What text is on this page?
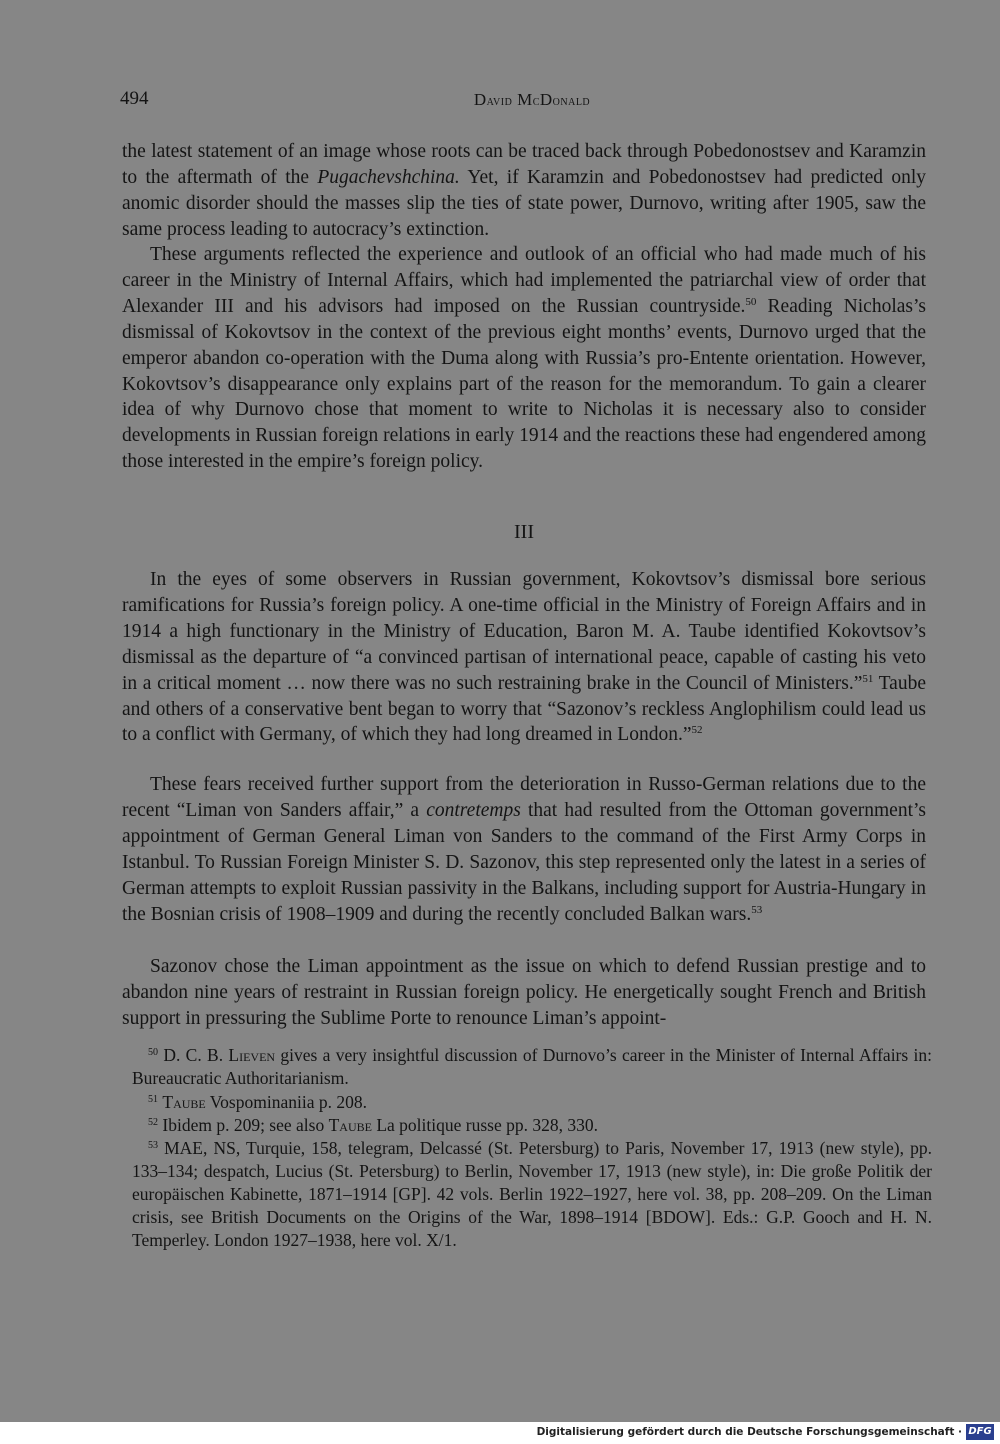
494	David McDonald

the latest statement of an image whose roots can be traced back through Pobedonostsev and Karamzin to the aftermath of the Pugachevshchina. Yet, if Karamzin and Pobedonostsev had predicted only anomic disorder should the masses slip the ties of state power, Durnovo, writing after 1905, saw the same process leading to autocracy’s extinction.

These arguments reflected the experience and outlook of an official who had made much of his career in the Ministry of Internal Affairs, which had implemented the patriarchal view of order that Alexander III and his advisors had imposed on the Russian countryside.$^{50}$ Reading Nicholas’s dismissal of Kokovtsov in the context of the previous eight months’ events, Durnovo urged that the emperor abandon co-operation with the Duma along with Russia’s pro-Entente orientation. However, Kokovtsov’s disappearance only explains part of the reason for the memorandum. To gain a clearer idea of why Durnovo chose that moment to write to Nicholas it is necessary also to consider developments in Russian foreign relations in early 1914 and the reactions these had engendered among those interested in the empire’s foreign policy.

III

In the eyes of some observers in Russian government, Kokovtsov’s dismissal bore serious ramifications for Russia’s foreign policy. A one-time official in the Ministry of Foreign Affairs and in 1914 a high functionary in the Ministry of Education, Baron M. A. Taube identified Kokovtsov’s dismissal as the departure of “a convinced partisan of international peace, capable of casting his veto in a critical moment … now there was no such restraining brake in the Council of Ministers.”$^{51}$ Taube and others of a conservative bent began to worry that “Sazonov’s reckless Anglophilism could lead us to a conflict with Germany, of which they had long dreamed in London.”$^{52}$

These fears received further support from the deterioration in Russo-German relations due to the recent “Liman von Sanders affair,” a contretemps that had resulted from the Ottoman government’s appointment of German General Liman von Sanders to the command of the First Army Corps in Istanbul. To Russian Foreign Minister S. D. Sazonov, this step represented only the latest in a series of German attempts to exploit Russian passivity in the Balkans, including support for Austria-Hungary in the Bosnian crisis of 1908–1909 and during the recently concluded Balkan wars.$^{53}$

Sazonov chose the Liman appointment as the issue on which to defend Russian prestige and to abandon nine years of restraint in Russian foreign policy. He energetically sought French and British support in pressuring the Sublime Porte to renounce Liman’s appoint-

$^{50}$ D. C. B. Lieven gives a very insightful discussion of Durnovo’s career in the Minister of Internal Affairs in: Bureaucratic Authoritarianism.

$^{51}$ Taube Vospominaniia p. 208.

$^{52}$ Ibidem p. 209; see also Taube La politique russe pp. 328, 330.

$^{53}$ MAE, NS, Turquie, 158, telegram, Delcassé (St. Petersburg) to Paris, November 17, 1913 (new style), pp. 133–134; despatch, Lucius (St. Petersburg) to Berlin, November 17, 1913 (new style), in: Die große Politik der europäischen Kabinette, 1871–1914 [GP]. 42 vols. Berlin 1922–1927, here vol. 38, pp. 208–209. On the Liman crisis, see British Documents on the Origins of the War, 1898–1914 [BDOW]. Eds.: G.P. Gooch and H. N. Temperley. London 1927–1938, here vol. X/1.

Digitalisierung gefördert durch die Deutsche Forschungsgemeinschaft · DFG
